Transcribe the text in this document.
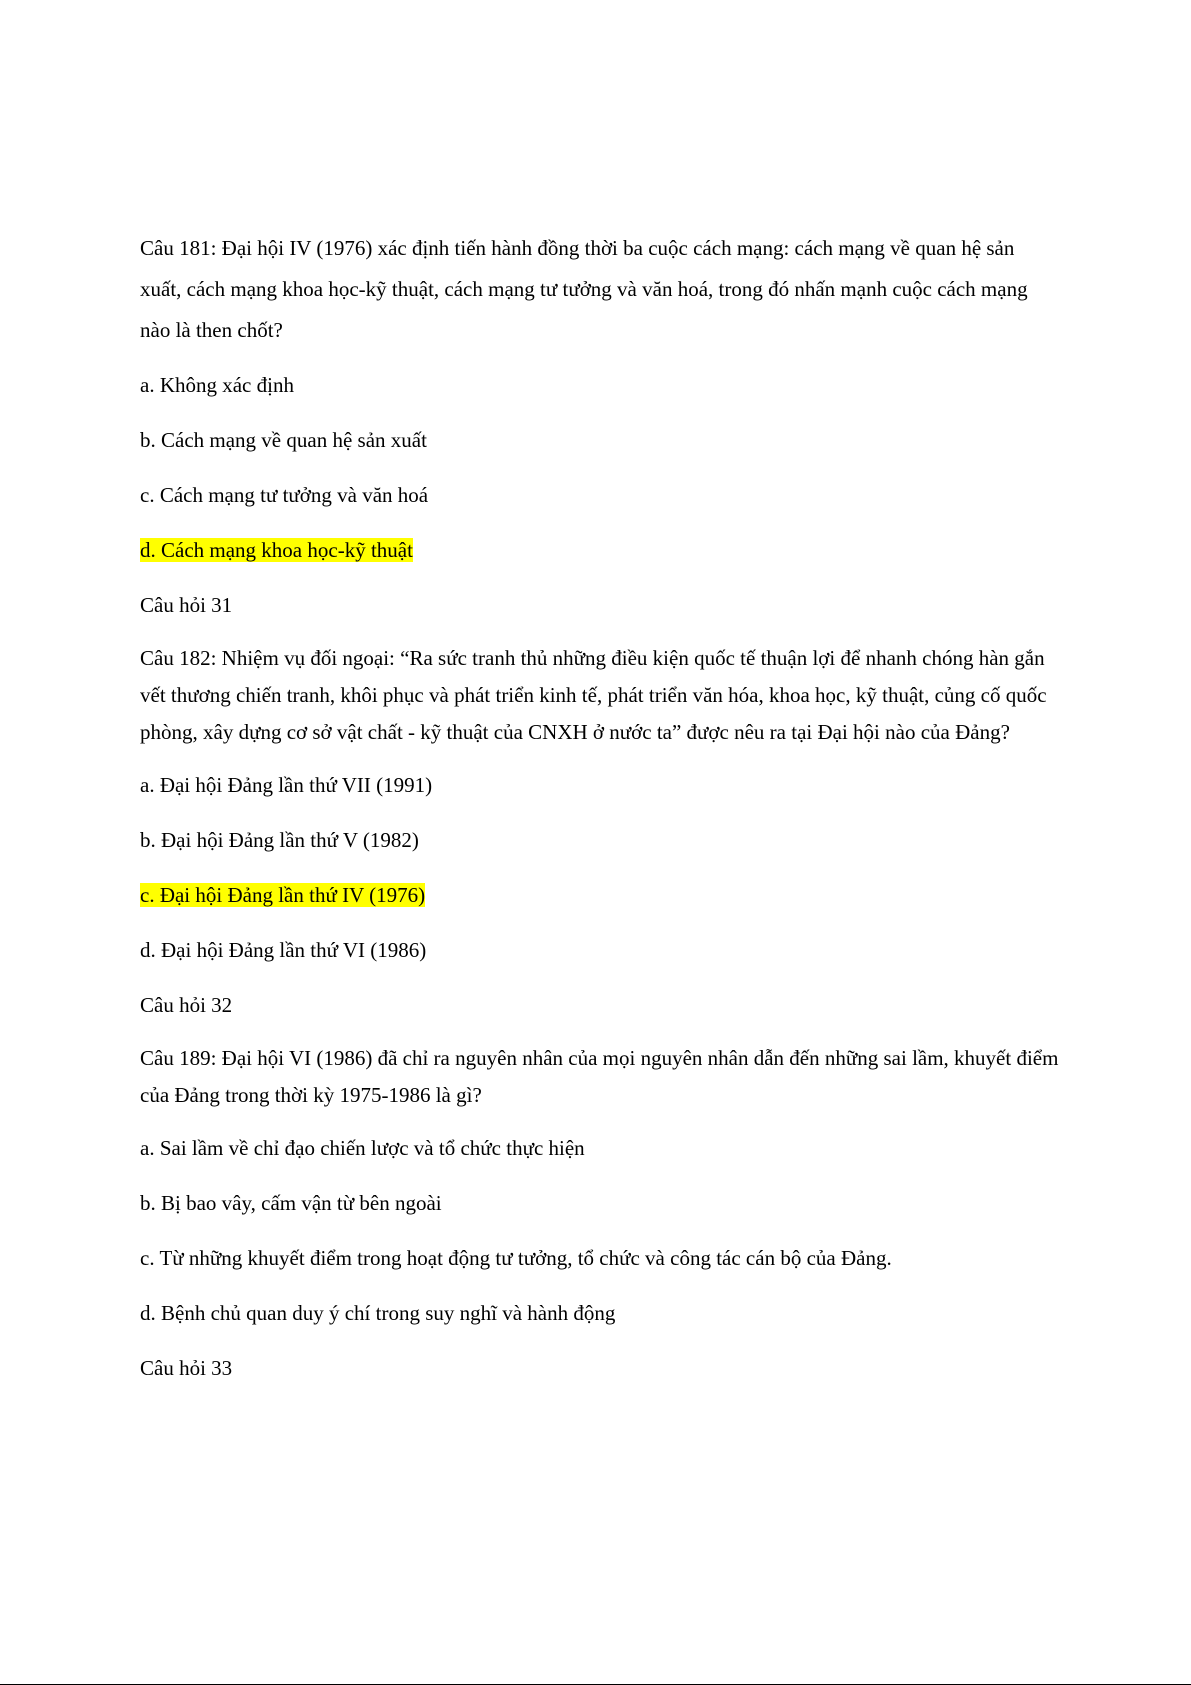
Câu 181: Đại hội IV (1976) xác định tiến hành đồng thời ba cuộc cách mạng: cách mạng về quan hệ sản xuất, cách mạng khoa học-kỹ thuật, cách mạng tư tưởng và văn hoá, trong đó nhấn mạnh cuộc cách mạng nào là then chốt?

a. Không xác định

b. Cách mạng về quan hệ sản xuất

c. Cách mạng tư tưởng và văn hoá

d. Cách mạng khoa học-kỹ thuật

Câu hỏi 31

Câu 182: Nhiệm vụ đối ngoại: “Ra sức tranh thủ những điều kiện quốc tế thuận lợi để nhanh chóng hàn gắn vết thương chiến tranh, khôi phục và phát triển kinh tế, phát triển văn hóa, khoa học, kỹ thuật, củng cố quốc phòng, xây dựng cơ sở vật chất - kỹ thuật của CNXH ở nước ta” được nêu ra tại Đại hội nào của Đảng?

a. Đại hội Đảng lần thứ VII (1991)

b. Đại hội Đảng lần thứ V (1982)

c. Đại hội Đảng lần thứ IV (1976)

d. Đại hội Đảng lần thứ VI (1986)

Câu hỏi 32

Câu 189: Đại hội VI (1986) đã chỉ ra nguyên nhân của mọi nguyên nhân dẫn đến những sai lầm, khuyết điểm của Đảng trong thời kỳ 1975-1986 là gì?

a. Sai lầm về chỉ đạo chiến lược và tổ chức thực hiện

b. Bị bao vây, cấm vận từ bên ngoài

c. Từ những khuyết điểm trong hoạt động tư tưởng, tổ chức và công tác cán bộ của Đảng.

d. Bệnh chủ quan duy ý chí trong suy nghĩ và hành động

Câu hỏi 33
